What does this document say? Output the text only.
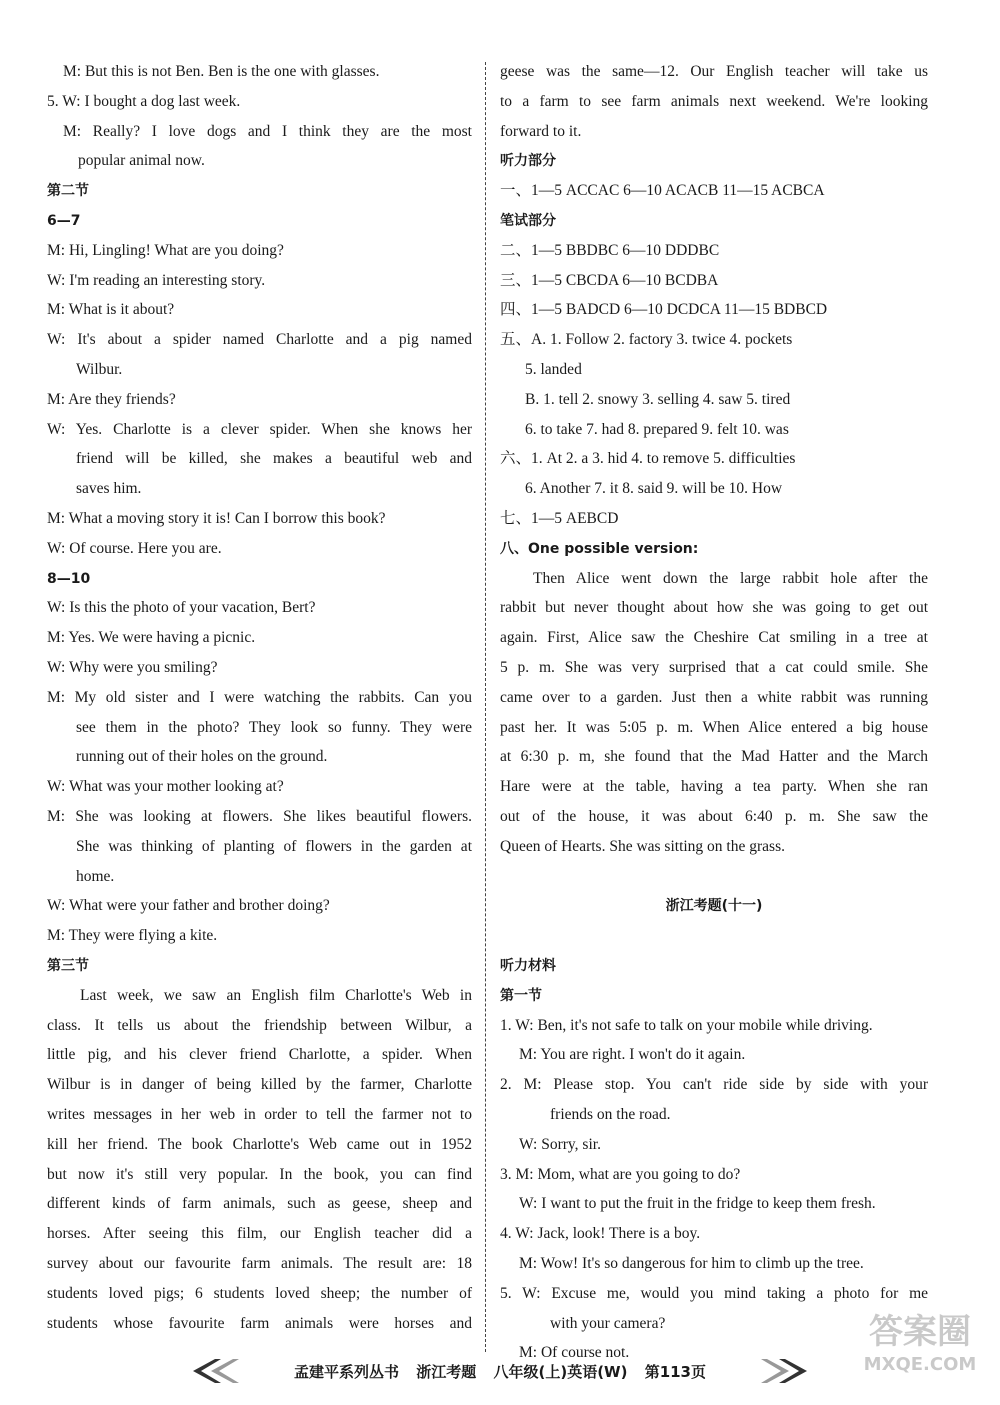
M: But this is not Ben. Ben is the one with glasses.
5. W: I bought a dog last week.
M: Really? I love dogs and I think they are the most
popular animal now.
第二节
6—7
M: Hi, Lingling! What are you doing?
W: I'm reading an interesting story.
M: What is it about?
W: It's about a spider named Charlotte and a pig named
Wilbur.
M: Are they friends?
W: Yes. Charlotte is a clever spider. When she knows her
friend will be killed, she makes a beautiful web and
saves him.
M: What a moving story it is! Can I borrow this book?
W: Of course. Here you are.
8—10
W: Is this the photo of your vacation, Bert?
M: Yes. We were having a picnic.
W: Why were you smiling?
M: My old sister and I were watching the rabbits. Can you
see them in the photo? They look so funny. They were
running out of their holes on the ground.
W: What was your mother looking at?
M: She was looking at flowers. She likes beautiful flowers.
She was thinking of planting of flowers in the garden at
home.
W: What were your father and brother doing?
M: They were flying a kite.
第三节
Last week, we saw an English film Charlotte's Web in
class. It tells us about the friendship between Wilbur, a
little pig, and his clever friend Charlotte, a spider. When
Wilbur is in danger of being killed by the farmer, Charlotte
writes messages in her web in order to tell the farmer not to
kill her friend. The book Charlotte's Web came out in 1952
but now it's still very popular. In the book, you can find
different kinds of farm animals, such as geese, sheep and
horses. After seeing this film, our English teacher did a
survey about our favourite farm animals. The result are: 18
students loved pigs; 6 students loved sheep; the number of
students whose favourite farm animals were horses and
geese was the same—12. Our English teacher will take us
to a farm to see farm animals next weekend. We're looking
forward to it.
听力部分
一、1—5 ACCAC 6—10 ACACB 11—15 ACBCA
笔试部分
二、1—5 BBDBC 6—10 DDDBC
三、1—5 CBCDA 6—10 BCDBA
四、1—5 BADCD 6—10 DCDCA 11—15 BDBCD
五、A. 1. Follow 2. factory 3. twice 4. pockets
5. landed
B. 1. tell 2. snowy 3. selling 4. saw 5. tired
6. to take 7. had 8. prepared 9. felt 10. was
六、1. At 2. a 3. hid 4. to remove 5. difficulties
6. Another 7. it 8. said 9. will be 10. How
七、1—5 AEBCD
八、One possible version:
Then Alice went down the large rabbit hole after the
rabbit but never thought about how she was going to get out
again. First, Alice saw the Cheshire Cat smiling in a tree at
5 p. m. She was very surprised that a cat could smile. She
came over to a garden. Just then a white rabbit was running
past her. It was 5:05 p. m. When Alice entered a big house
at 6:30 p. m, she found that the Mad Hatter and the March
Hare were at the table, having a tea party. When she ran
out of the house, it was about 6:40 p. m. She saw the
Queen of Hearts. She was sitting on the grass.
浙江考题(十一)
听力材料
第一节
1. W: Ben, it's not safe to talk on your mobile while driving.
M: You are right. I won't do it again.
2. M: Please stop. You can't ride side by side with your
friends on the road.
W: Sorry, sir.
3. M: Mom, what are you going to do?
W: I want to put the fruit in the fridge to keep them fresh.
4. W: Jack, look! There is a boy.
M: Wow! It's so dangerous for him to climb up the tree.
5. W: Excuse me, would you mind taking a photo for me
with your camera?
M: Of course not.
孟建平系列丛书 浙江考题 八年级(上)英语(W) 第113页
答案圈
MXQE.COM
